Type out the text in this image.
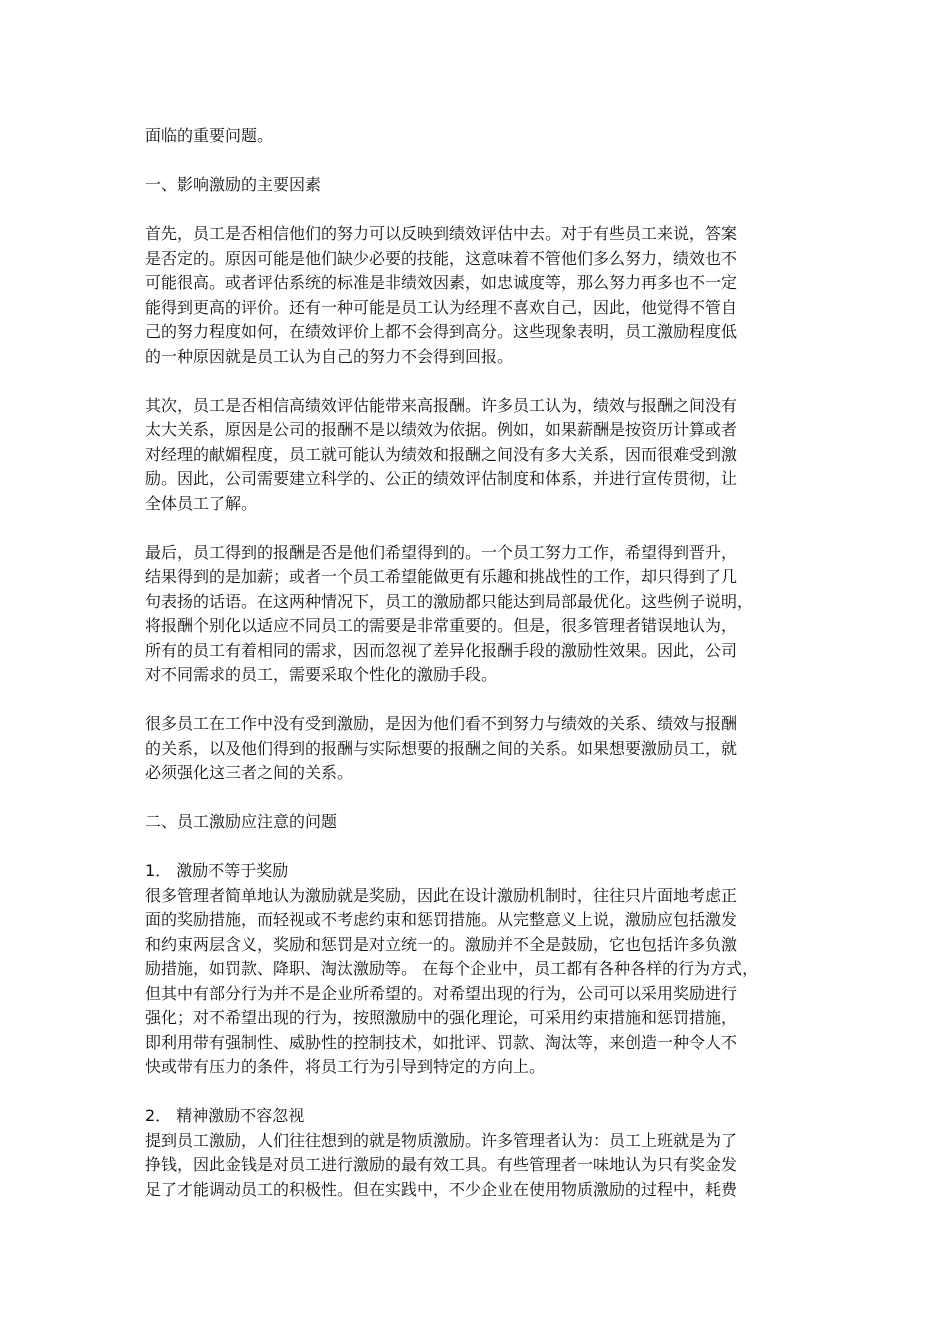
面临的重要问题。
一、影响激励的主要因素
首先，员工是否相信他们的努力可以反映到绩效评估中去。对于有些员工来说，答案
是否定的。原因可能是他们缺少必要的技能，这意味着不管他们多么努力，绩效也不
可能很高。或者评估系统的标准是非绩效因素，如忠诚度等，那么努力再多也不一定
能得到更高的评价。还有一种可能是员工认为经理不喜欢自己，因此，他觉得不管自
己的努力程度如何，在绩效评价上都不会得到高分。这些现象表明，员工激励程度低
的一种原因就是员工认为自己的努力不会得到回报。
其次，员工是否相信高绩效评估能带来高报酬。许多员工认为，绩效与报酬之间没有
太大关系，原因是公司的报酬不是以绩效为依据。例如，如果薪酬是按资历计算或者
对经理的献媚程度，员工就可能认为绩效和报酬之间没有多大关系，因而很难受到激
励。因此，公司需要建立科学的、公正的绩效评估制度和体系，并进行宣传贯彻，让
全体员工了解。
最后，员工得到的报酬是否是他们希望得到的。一个员工努力工作，希望得到晋升，
结果得到的是加薪；或者一个员工希望能做更有乐趣和挑战性的工作，却只得到了几
句表扬的话语。在这两种情况下，员工的激励都只能达到局部最优化。这些例子说明，
将报酬个别化以适应不同员工的需要是非常重要的。但是，很多管理者错误地认为，
所有的员工有着相同的需求，因而忽视了差异化报酬手段的激励性效果。因此，公司
对不同需求的员工，需要采取个性化的激励手段。
很多员工在工作中没有受到激励，是因为他们看不到努力与绩效的关系、绩效与报酬
的关系，以及他们得到的报酬与实际想要的报酬之间的关系。如果想要激励员工，就
必须强化这三者之间的关系。
二、员工激励应注意的问题
1． 激励不等于奖励
很多管理者简单地认为激励就是奖励，因此在设计激励机制时，往往只片面地考虑正
面的奖励措施，而轻视或不考虑约束和惩罚措施。从完整意义上说，激励应包括激发
和约束两层含义，奖励和惩罚是对立统一的。激励并不全是鼓励，它也包括许多负激
励措施，如罚款、降职、淘汰激励等。 在每个企业中，员工都有各种各样的行为方式，
但其中有部分行为并不是企业所希望的。对希望出现的行为，公司可以采用奖励进行
强化；对不希望出现的行为，按照激励中的强化理论，可采用约束措施和惩罚措施，
即利用带有强制性、威胁性的控制技术，如批评、罚款、淘汰等，来创造一种令人不
快或带有压力的条件，将员工行为引导到特定的方向上。
2． 精神激励不容忽视
提到员工激励，人们往往想到的就是物质激励。许多管理者认为：员工上班就是为了
挣钱，因此金钱是对员工进行激励的最有效工具。有些管理者一味地认为只有奖金发
足了才能调动员工的积极性。但在实践中，不少企业在使用物质激励的过程中，耗费
